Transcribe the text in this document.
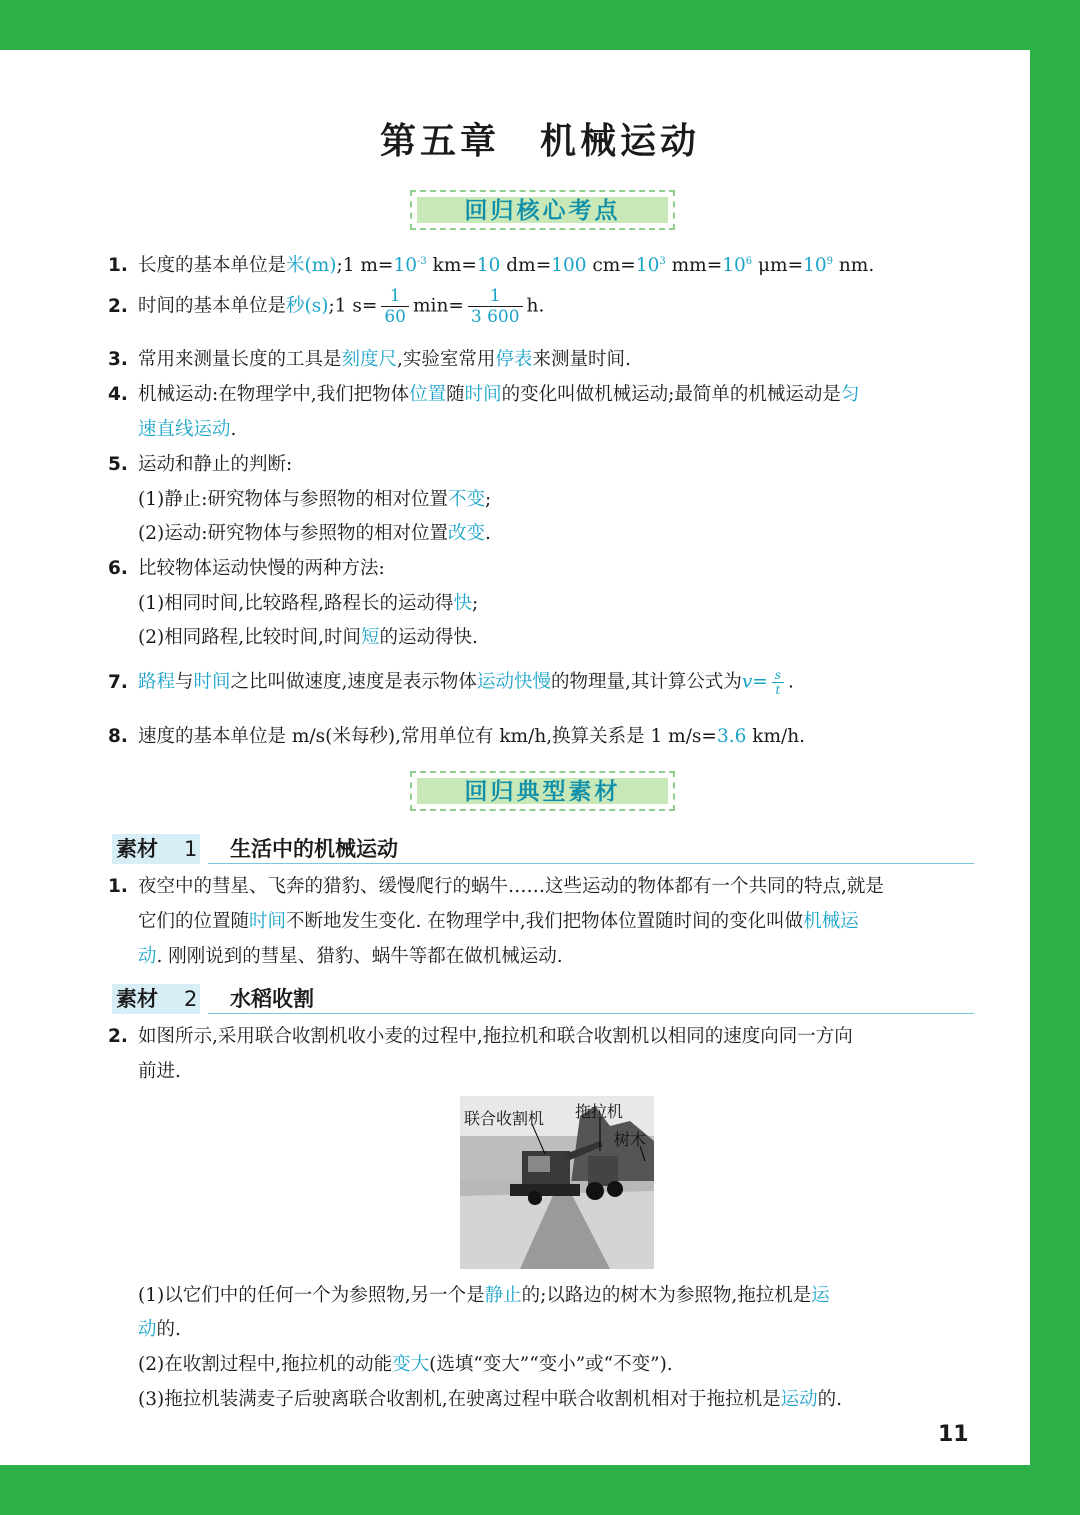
第五章 机械运动
回归核心考点
1. 长度的基本单位是米(m);1 $m=10^{-3}$ km=10 dm=100 $cm=10^3$ $mm=10^6$ $\mu m=10^9$ nm.
2. 时间的基本单位是秒(s);1 $s= \frac{1}{60} \min= \frac{1}{3 600} h$.
3. 常用来测量长度的工具是刻度尺,实验室常用停表来测量时间.
4. 机械运动:在物理学中,我们把物体位置随时间的变化叫做机械运动;最简单的机械运动是匀
速直线运动.
5. 运动和静止的判断:
(1)静止:研究物体与参照物的相对位置不变;
(2)运动:研究物体与参照物的相对位置改变.
6. 比较物体运动快慢的两种方法:
(1)相同时间,比较路程,路程长的运动得快;
(2)相同路程,比较时间,时间短的运动得快.
7. 路程与时间之比叫做速度,速度是表示物体运动快慢的物理量,其计算公式为$v= \frac{s}{t}$ .
8. 速度的基本单位是 m/s(米每秒),常用单位有 km/h,换算关系是 1 m/s=3.6 km/h.
回归典型素材
素材 1 生活中的机械运动
1. 夜空中的彗星、飞奔的猎豹、缓慢爬行的蜗牛……这些运动的物体都有一个共同的特点,就是
它们的位置随时间不断地发生变化. 在物理学中,我们把物体位置随时间的变化叫做机械运
动. 刚刚说到的彗星、猎豹、蜗牛等都在做机械运动.
素材 2 水稻收割
2. 如图所示,采用联合收割机收小麦的过程中,拖拉机和联合收割机以相同的速度向同一方向
前进.
联合收割机 拖拉机
树木
(1)以它们中的任何一个为参照物,另一个是静止的;以路边的树木为参照物,拖拉机是运
动的.
(2)在收割过程中,拖拉机的动能变大(选填“变大”“变小”或“不变”).
(3)拖拉机装满麦子后驶离联合收割机,在驶离过程中联合收割机相对于拖拉机是运动的.
11
